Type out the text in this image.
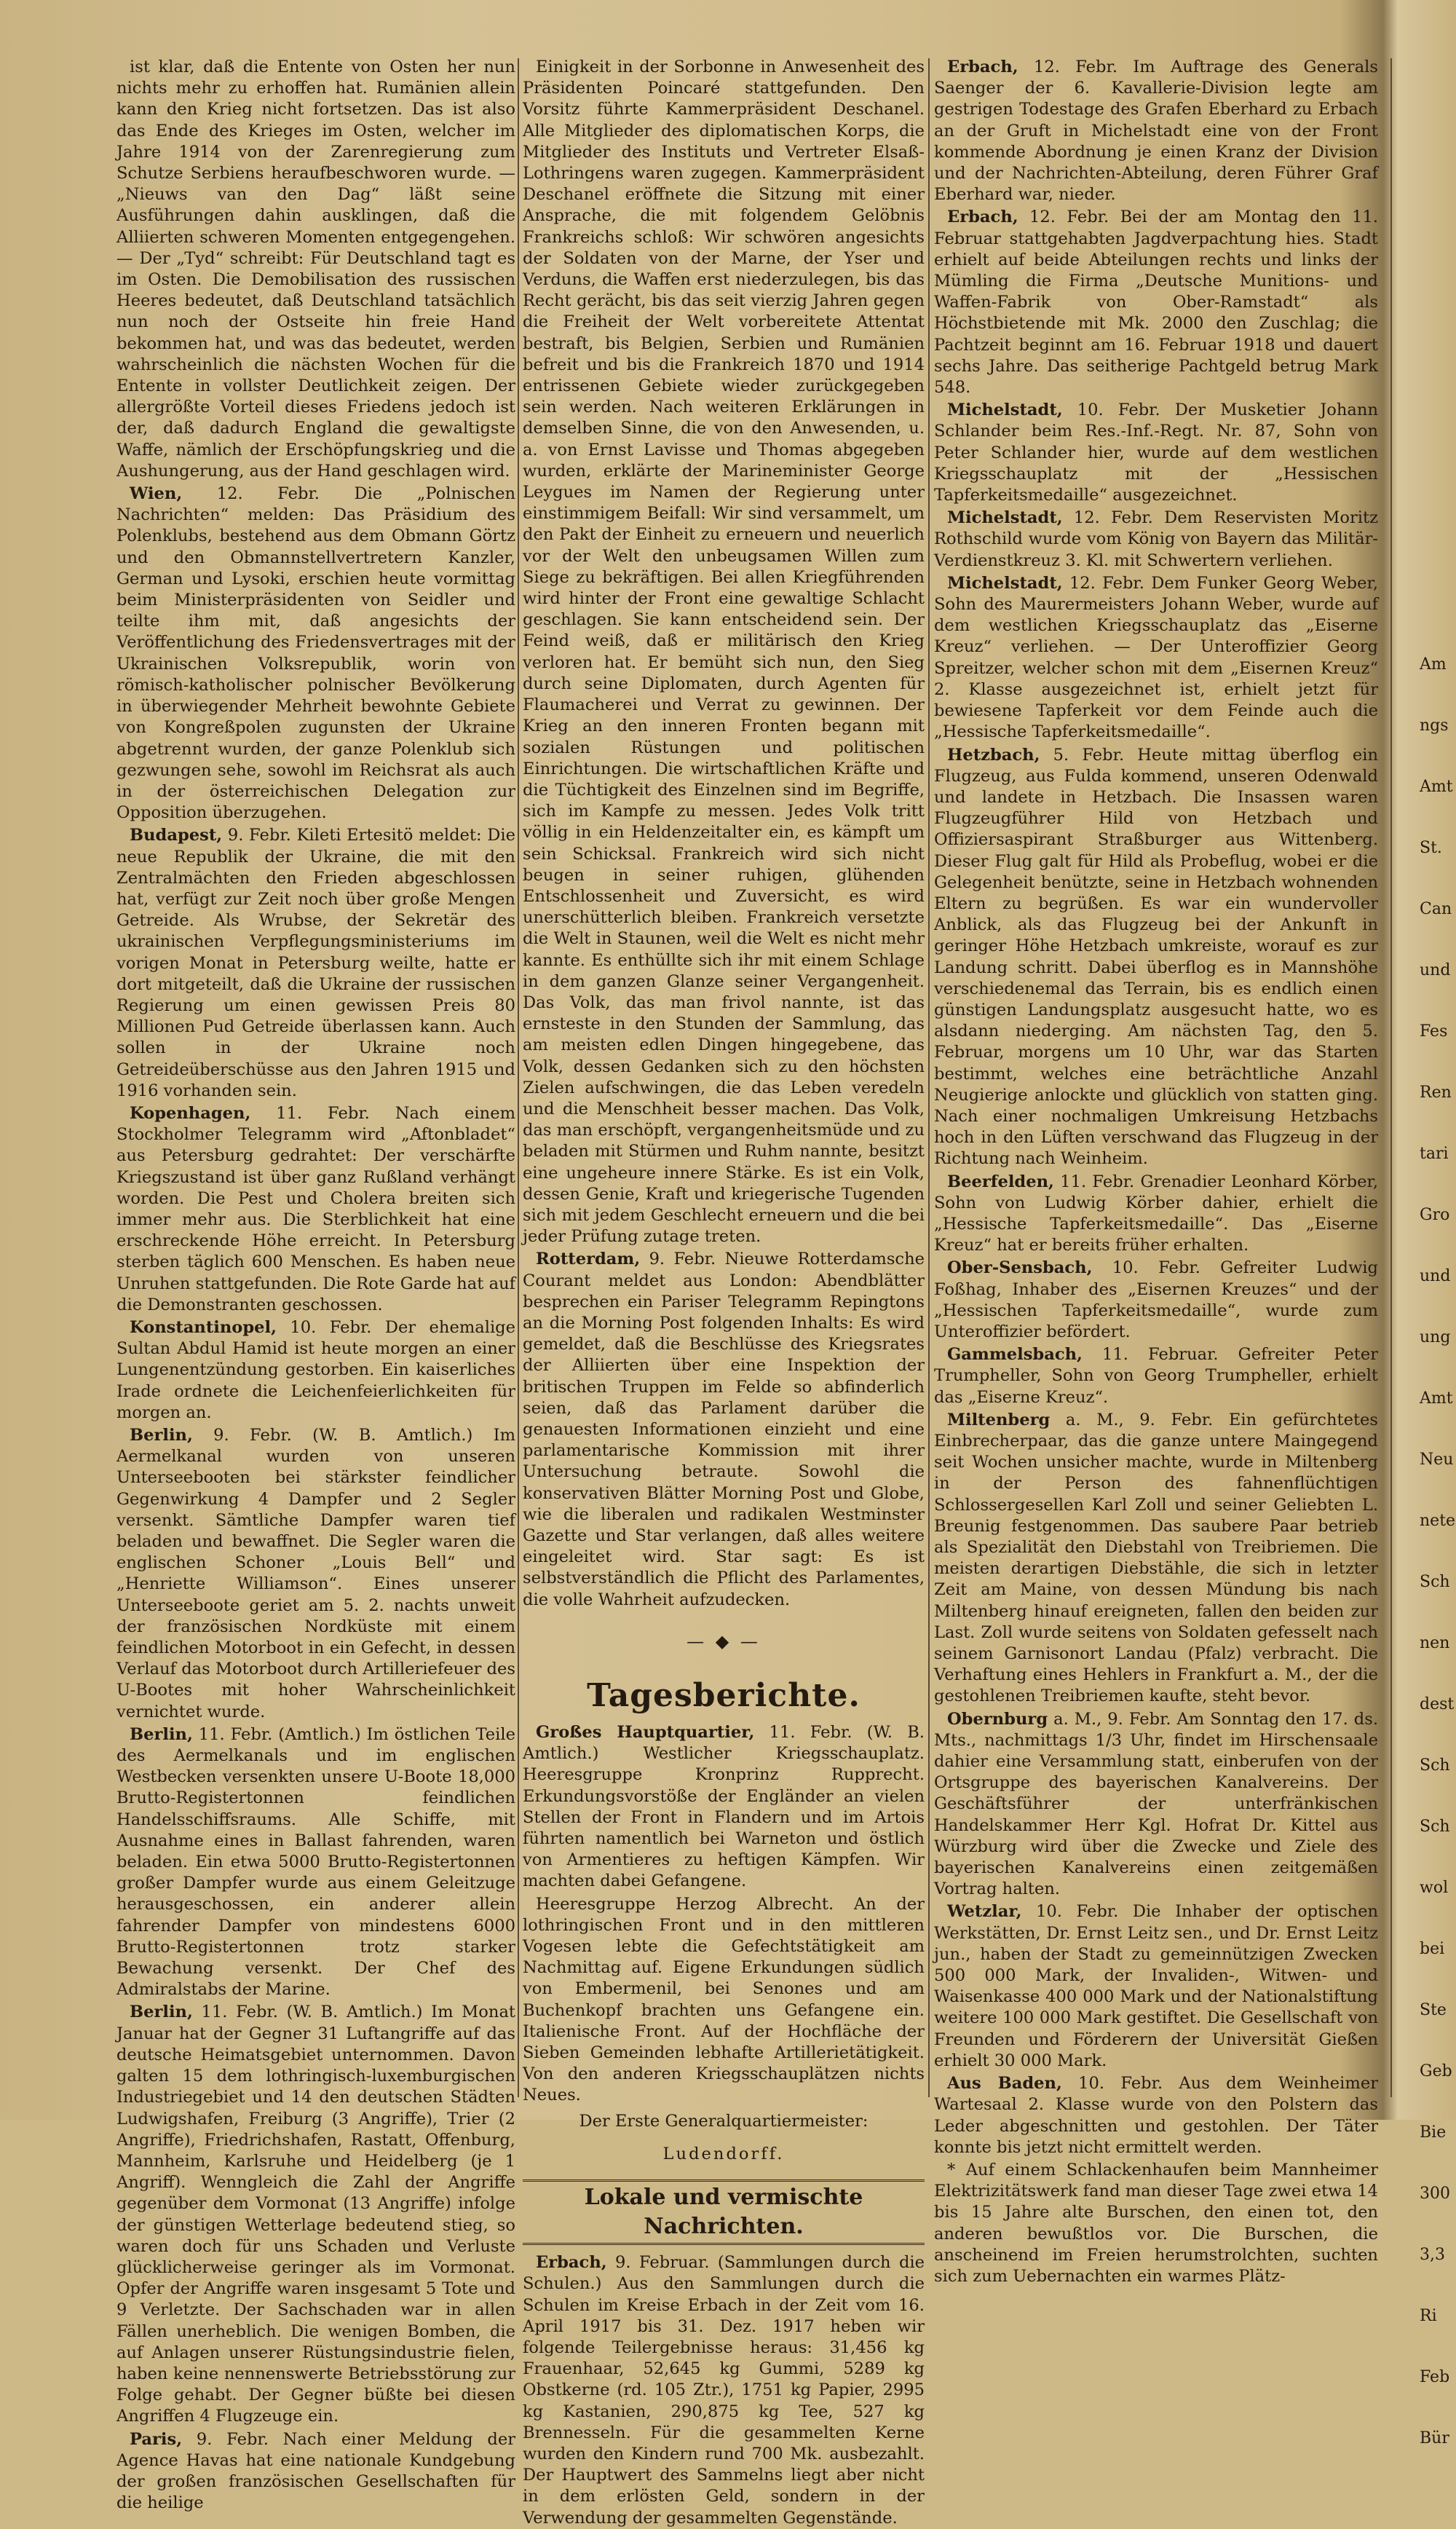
ist klar, daß die Entente von Osten her nun nichts mehr zu erhoffen hat. Rumänien allein kann den Krieg nicht fortsetzen. Das ist also das Ende des Krieges im Osten, welcher im Jahre 1914 von der Zarenregierung zum Schutze Serbiens heraufbeschworen wurde. — „Nieuws van den Dag“ läßt seine Ausführungen dahin ausklingen, daß die Alliierten schweren Momenten entgegengehen. — Der „Tyd“ schreibt: Für Deutschland tagt es im Osten. Die Demobilisation des russischen Heeres bedeutet, daß Deutschland tatsächlich nun noch der Ostseite hin freie Hand bekommen hat, und was das bedeutet, werden wahrscheinlich die nächsten Wochen für die Entente in vollster Deutlichkeit zeigen. Der allergrößte Vorteil dieses Friedens jedoch ist der, daß dadurch England die gewaltigste Waffe, nämlich der Erschöpfungskrieg und die Aushungerung, aus der Hand geschlagen wird.

Wien, 12. Febr. Die „Polnischen Nachrichten“ melden: Das Präsidium des Polenklubs, bestehend aus dem Obmann Görtz und den Obmannstellvertretern Kanzler, German und Lysoki, erschien heute vormittag beim Ministerpräsidenten von Seidler und teilte ihm mit, daß angesichts der Veröffentlichung des Friedensvertrages mit der Ukrainischen Volksrepublik, worin von römisch-katholischer polnischer Bevölkerung in überwiegender Mehrheit bewohnte Gebiete von Kongreßpolen zugunsten der Ukraine abgetrennt wurden, der ganze Polenklub sich gezwungen sehe, sowohl im Reichsrat als auch in der österreichischen Delegation zur Opposition überzugehen.

Budapest, 9. Febr. Kileti Ertesitö meldet: Die neue Republik der Ukraine, die mit den Zentralmächten den Frieden abgeschlossen hat, verfügt zur Zeit noch über große Mengen Getreide. Als Wrubse, der Sekretär des ukrainischen Verpflegungsministeriums im vorigen Monat in Petersburg weilte, hatte er dort mitgeteilt, daß die Ukraine der russischen Regierung um einen gewissen Preis 80 Millionen Pud Getreide überlassen kann. Auch sollen in der Ukraine noch Getreideüberschüsse aus den Jahren 1915 und 1916 vorhanden sein.

Kopenhagen, 11. Febr. Nach einem Stockholmer Telegramm wird „Aftonbladet“ aus Petersburg gedrahtet: Der verschärfte Kriegszustand ist über ganz Rußland verhängt worden. Die Pest und Cholera breiten sich immer mehr aus. Die Sterblichkeit hat eine erschreckende Höhe erreicht. In Petersburg sterben täglich 600 Menschen. Es haben neue Unruhen stattgefunden. Die Rote Garde hat auf die Demonstranten geschossen.

Konstantinopel, 10. Febr. Der ehemalige Sultan Abdul Hamid ist heute morgen an einer Lungenentzündung gestorben. Ein kaiserliches Irade ordnete die Leichenfeierlichkeiten für morgen an.

Berlin, 9. Febr. (W. B. Amtlich.) Im Aermelkanal wurden von unseren Unterseebooten bei stärkster feindlicher Gegenwirkung 4 Dampfer und 2 Segler versenkt. Sämtliche Dampfer waren tief beladen und bewaffnet. Die Segler waren die englischen Schoner „Louis Bell“ und „Henriette Williamson“. Eines unserer Unterseeboote geriet am 5. 2. nachts unweit der französischen Nordküste mit einem feindlichen Motorboot in ein Gefecht, in dessen Verlauf das Motorboot durch Artilleriefeuer des U-Bootes mit hoher Wahrscheinlichkeit vernichtet wurde.

Berlin, 11. Febr. (Amtlich.) Im östlichen Teile des Aermelkanals und im englischen Westbecken versenkten unsere U-Boote 18,000 Brutto-Registertonnen feindlichen Handelsschiffsraums. Alle Schiffe, mit Ausnahme eines in Ballast fahrenden, waren beladen. Ein etwa 5000 Brutto-Registertonnen großer Dampfer wurde aus einem Geleitzuge herausgeschossen, ein anderer allein fahrender Dampfer von mindestens 6000 Brutto-Registertonnen trotz starker Bewachung versenkt. Der Chef des Admiralstabs der Marine.

Berlin, 11. Febr. (W. B. Amtlich.) Im Monat Januar hat der Gegner 31 Luftangriffe auf das deutsche Heimatsgebiet unternommen. Davon galten 15 dem lothringisch-luxemburgischen Industriegebiet und 14 den deutschen Städten Ludwigshafen, Freiburg (3 Angriffe), Trier (2 Angriffe), Friedrichshafen, Rastatt, Offenburg, Mannheim, Karlsruhe und Heidelberg (je 1 Angriff). Wenngleich die Zahl der Angriffe gegenüber dem Vormonat (13 Angriffe) infolge der günstigen Wetterlage bedeutend stieg, so waren doch für uns Schaden und Verluste glücklicherweise geringer als im Vormonat. Opfer der Angriffe waren insgesamt 5 Tote und 9 Verletzte. Der Sachschaden war in allen Fällen unerheblich. Die wenigen Bomben, die auf Anlagen unserer Rüstungsindustrie fielen, haben keine nennenswerte Betriebsstörung zur Folge gehabt. Der Gegner büßte bei diesen Angriffen 4 Flugzeuge ein.

Paris, 9. Febr. Nach einer Meldung der Agence Havas hat eine nationale Kundgebung der großen französischen Gesellschaften für die heilige

Einigkeit in der Sorbonne in Anwesenheit des Präsidenten Poincaré stattgefunden. Den Vorsitz führte Kammerpräsident Deschanel. Alle Mitglieder des diplomatischen Korps, die Mitglieder des Instituts und Vertreter Elsaß-Lothringens waren zugegen. Kammerpräsident Deschanel eröffnete die Sitzung mit einer Ansprache, die mit folgendem Gelöbnis Frankreichs schloß: Wir schwören angesichts der Soldaten von der Marne, der Yser und Verduns, die Waffen erst niederzulegen, bis das Recht gerächt, bis das seit vierzig Jahren gegen die Freiheit der Welt vorbereitete Attentat bestraft, bis Belgien, Serbien und Rumänien befreit und bis die Frankreich 1870 und 1914 entrissenen Gebiete wieder zurückgegeben sein werden. Nach weiteren Erklärungen in demselben Sinne, die von den Anwesenden, u. a. von Ernst Lavisse und Thomas abgegeben wurden, erklärte der Marineminister George Leygues im Namen der Regierung unter einstimmigem Beifall: Wir sind versammelt, um den Pakt der Einheit zu erneuern und neuerlich vor der Welt den unbeugsamen Willen zum Siege zu bekräftigen. Bei allen Kriegführenden wird hinter der Front eine gewaltige Schlacht geschlagen. Sie kann entscheidend sein. Der Feind weiß, daß er militärisch den Krieg verloren hat. Er bemüht sich nun, den Sieg durch seine Diplomaten, durch Agenten für Flaumacherei und Verrat zu gewinnen. Der Krieg an den inneren Fronten begann mit sozialen Rüstungen und politischen Einrichtungen. Die wirtschaftlichen Kräfte und die Tüchtigkeit des Einzelnen sind im Begriffe, sich im Kampfe zu messen. Jedes Volk tritt völlig in ein Heldenzeitalter ein, es kämpft um sein Schicksal. Frankreich wird sich nicht beugen in seiner ruhigen, glühenden Entschlossenheit und Zuversicht, es wird unerschütterlich bleiben. Frankreich versetzte die Welt in Staunen, weil die Welt es nicht mehr kannte. Es enthüllte sich ihr mit einem Schlage in dem ganzen Glanze seiner Vergangenheit. Das Volk, das man frivol nannte, ist das ernsteste in den Stunden der Sammlung, das am meisten edlen Dingen hingegebene, das Volk, dessen Gedanken sich zu den höchsten Zielen aufschwingen, die das Leben veredeln und die Menschheit besser machen. Das Volk, das man erschöpft, vergangenheitsmüde und zu beladen mit Stürmen und Ruhm nannte, besitzt eine ungeheure innere Stärke. Es ist ein Volk, dessen Genie, Kraft und kriegerische Tugenden sich mit jedem Geschlecht erneuern und die bei jeder Prüfung zutage treten.

Rotterdam, 9. Febr. Nieuwe Rotterdamsche Courant meldet aus London: Abendblätter besprechen ein Pariser Telegramm Repingtons an die Morning Post folgenden Inhalts: Es wird gemeldet, daß die Beschlüsse des Kriegsrates der Alliierten über eine Inspektion der britischen Truppen im Felde so abfinderlich seien, daß das Parlament darüber die genauesten Informationen einzieht und eine parlamentarische Kommission mit ihrer Untersuchung betraute. Sowohl die konservativen Blätter Morning Post und Globe, wie die liberalen und radikalen Westminster Gazette und Star verlangen, daß alles weitere eingeleitet wird. Star sagt: Es ist selbstverständlich die Pflicht des Parlamentes, die volle Wahrheit aufzudecken.

— ◆ —
Tagesberichte.

Großes Hauptquartier, 11. Febr. (W. B. Amtlich.) Westlicher Kriegsschauplatz. Heeresgruppe Kronprinz Rupprecht. Erkundungsvorstöße der Engländer an vielen Stellen der Front in Flandern und im Artois führten namentlich bei Warneton und östlich von Armentieres zu heftigen Kämpfen. Wir machten dabei Gefangene.

Heeresgruppe Herzog Albrecht. An der lothringischen Front und in den mittleren Vogesen lebte die Gefechtstätigkeit am Nachmittag auf. Eigene Erkundungen südlich von Embermenil, bei Senones und am Buchenkopf brachten uns Gefangene ein. Italienische Front. Auf der Hochfläche der Sieben Gemeinden lebhafte Artillerietätigkeit. Von den anderen Kriegsschauplätzen nichts Neues.

Der Erste Generalquartiermeister:

Ludendorff.

Lokale und vermischte Nachrichten.

Erbach, 9. Februar. (Sammlungen durch die Schulen.) Aus den Sammlungen durch die Schulen im Kreise Erbach in der Zeit vom 16. April 1917 bis 31. Dez. 1917 heben wir folgende Teilergebnisse heraus: 31,456 kg Frauenhaar, 52,645 kg Gummi, 5289 kg Obstkerne (rd. 105 Ztr.), 1751 kg Papier, 2995 kg Kastanien, 290,875 kg Tee, 527 kg Brennesseln. Für die gesammelten Kerne wurden den Kindern rund 700 Mk. ausbezahlt. Der Hauptwert des Sammelns liegt aber nicht in dem erlösten Geld, sondern in der Verwendung der gesammelten Gegenstände.

Erbach, 12. Febr. Im Auftrage des Generals Saenger der 6. Kavallerie-Division legte am gestrigen Todestage des Grafen Eberhard zu Erbach an der Gruft in Michelstadt eine von der Front kommende Abordnung je einen Kranz der Division und der Nachrichten-Abteilung, deren Führer Graf Eberhard war, nieder.

Erbach, 12. Febr. Bei der am Montag den 11. Februar stattgehabten Jagdverpachtung hies. Stadt erhielt auf beide Abteilungen rechts und links der Mümling die Firma „Deutsche Munitions- und Waffen-Fabrik von Ober-Ramstadt“ als Höchstbietende mit Mk. 2000 den Zuschlag; die Pachtzeit beginnt am 16. Februar 1918 und dauert sechs Jahre. Das seitherige Pachtgeld betrug Mark 548.

Michelstadt, 10. Febr. Der Musketier Johann Schlander beim Res.-Inf.-Regt. Nr. 87, Sohn von Peter Schlander hier, wurde auf dem westlichen Kriegsschauplatz mit der „Hessischen Tapferkeitsmedaille“ ausgezeichnet.

Michelstadt, 12. Febr. Dem Reservisten Moritz Rothschild wurde vom König von Bayern das Militär-Verdienstkreuz 3. Kl. mit Schwertern verliehen.

Michelstadt, 12. Febr. Dem Funker Georg Weber, Sohn des Maurermeisters Johann Weber, wurde auf dem westlichen Kriegsschauplatz das „Eiserne Kreuz“ verliehen. — Der Unteroffizier Georg Spreitzer, welcher schon mit dem „Eisernen Kreuz“ 2. Klasse ausgezeichnet ist, erhielt jetzt für bewiesene Tapferkeit vor dem Feinde auch die „Hessische Tapferkeitsmedaille“.

Hetzbach, 5. Febr. Heute mittag überflog ein Flugzeug, aus Fulda kommend, unseren Odenwald und landete in Hetzbach. Die Insassen waren Flugzeugführer Hild von Hetzbach und Offiziersaspirant Straßburger aus Wittenberg. Dieser Flug galt für Hild als Probeflug, wobei er die Gelegenheit benützte, seine in Hetzbach wohnenden Eltern zu begrüßen. Es war ein wundervoller Anblick, als das Flugzeug bei der Ankunft in geringer Höhe Hetzbach umkreiste, worauf es zur Landung schritt. Dabei überflog es in Mannshöhe verschiedenemal das Terrain, bis es endlich einen günstigen Landungsplatz ausgesucht hatte, wo es alsdann niederging. Am nächsten Tag, den 5. Februar, morgens um 10 Uhr, war das Starten bestimmt, welches eine beträchtliche Anzahl Neugierige anlockte und glücklich von statten ging. Nach einer nochmaligen Umkreisung Hetzbachs hoch in den Lüften verschwand das Flugzeug in der Richtung nach Weinheim.

Beerfelden, 11. Febr. Grenadier Leonhard Körber, Sohn von Ludwig Körber dahier, erhielt die „Hessische Tapferkeitsmedaille“. Das „Eiserne Kreuz“ hat er bereits früher erhalten.

Ober-Sensbach, 10. Febr. Gefreiter Ludwig Foßhag, Inhaber des „Eisernen Kreuzes“ und der „Hessischen Tapferkeitsmedaille“, wurde zum Unteroffizier befördert.

Gammelsbach, 11. Februar. Gefreiter Peter Trumpheller, Sohn von Georg Trumpheller, erhielt das „Eiserne Kreuz“.

Miltenberg a. M., 9. Febr. Ein gefürchtetes Einbrecherpaar, das die ganze untere Maingegend seit Wochen unsicher machte, wurde in Miltenberg in der Person des fahnenflüchtigen Schlossergesellen Karl Zoll und seiner Geliebten L. Breunig festgenommen. Das saubere Paar betrieb als Spezialität den Diebstahl von Treibriemen. Die meisten derartigen Diebstähle, die sich in letzter Zeit am Maine, von dessen Mündung bis nach Miltenberg hinauf ereigneten, fallen den beiden zur Last. Zoll wurde seitens von Soldaten gefesselt nach seinem Garnisonort Landau (Pfalz) verbracht. Die Verhaftung eines Hehlers in Frankfurt a. M., der die gestohlenen Treibriemen kaufte, steht bevor.

Obernburg a. M., 9. Febr. Am Sonntag den 17. ds. Mts., nachmittags 1/3 Uhr, findet im Hirschensaale dahier eine Versammlung statt, einberufen von der Ortsgruppe des bayerischen Kanalvereins. Der Geschäftsführer der unterfränkischen Handelskammer Herr Kgl. Hofrat Dr. Kittel aus Würzburg wird über die Zwecke und Ziele des bayerischen Kanalvereins einen zeitgemäßen Vortrag halten.

Wetzlar, 10. Febr. Die Inhaber der optischen Werkstätten, Dr. Ernst Leitz sen., und Dr. Ernst Leitz jun., haben der Stadt zu gemeinnützigen Zwecken 500 000 Mark, der Invaliden-, Witwen- und Waisenkasse 400 000 Mark und der Nationalstiftung weitere 100 000 Mark gestiftet. Die Gesellschaft von Freunden und Förderern der Universität Gießen erhielt 30 000 Mark.

Aus Baden, 10. Febr. Aus dem Weinheimer Wartesaal 2. Klasse wurde von den Polstern das Leder abgeschnitten und gestohlen. Der Täter konnte bis jetzt nicht ermittelt werden.

* Auf einem Schlackenhaufen beim Mannheimer Elektrizitätswerk fand man dieser Tage zwei etwa 14 bis 15 Jahre alte Burschen, den einen tot, den anderen bewußtlos vor. Die Burschen, die anscheinend im Freien herumstrolchten, suchten sich zum Uebernachten ein warmes Plätz-

Am
ngs
Amt
St.
Can
und
Fes
Ren
tari
Gro
und
ung
Amt
Neu
nete
Sch
nen
dest
Sch
Sch
wol
bei
Ste
Geb
Bie
300
3,3
Ri
Feb
Bür
